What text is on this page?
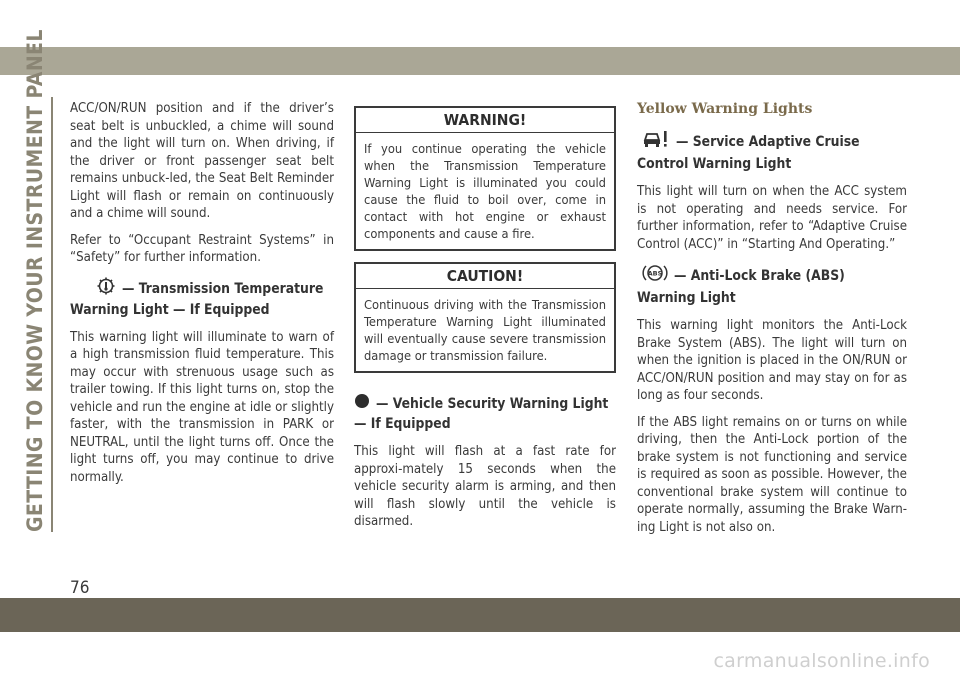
GETTING TO KNOW YOUR INSTRUMENT PANEL ACC/ON/RUN position and if the driver’s seat belt is unbuckled, a chime will sound and the light will turn on. When driving, if the driver or front passenger seat belt remains unbuck-led, the Seat Belt Reminder Light will flash or remain on continuously and a chime will sound.

Refer to “Occupant Restraint Systems” in “Safety” for further information.

— Transmission Temperature Warning Light — If Equipped

This warning light will illuminate to warn of a high transmission fluid temperature. This may occur with strenuous usage such as trailer towing. If this light turns on, stop the vehicle and run the engine at idle or slightly faster, with the transmission in PARK or NEUTRAL, until the light turns off. Once the light turns off, you may continue to drive normally.

WARNING!
If you continue operating the vehicle when the Transmission Temperature Warning Light is illuminated you could cause the fluid to boil over, come in contact with hot engine or exhaust components and cause a fire.
CAUTION!
Continuous driving with the Transmission Temperature Warning Light illuminated will eventually cause severe transmission damage or transmission failure.
— Vehicle Security Warning Light — If Equipped

This light will flash at a fast rate for approxi-mately 15 seconds when the vehicle security alarm is arming, and then will flash slowly until the vehicle is disarmed.

Yellow Warning Lights
— Service Adaptive Cruise Control Warning Light

This light will turn on when the ACC system is not operating and needs service. For further information, refer to “Adaptive Cruise Control (ACC)” in “Starting And Operating.”

ABS — Anti-Lock Brake (ABS) Warning Light

This warning light monitors the Anti-Lock Brake System (ABS). The light will turn on when the ignition is placed in the ON/RUN or ACC/ON/RUN position and may stay on for as long as four seconds.

If the ABS light remains on or turns on while driving, then the Anti-Lock portion of the brake system is not functioning and service is required as soon as possible. However, the conventional brake system will continue to operate normally, assuming the Brake Warn-ing Light is not also on.

76
carmanualsonline.info
